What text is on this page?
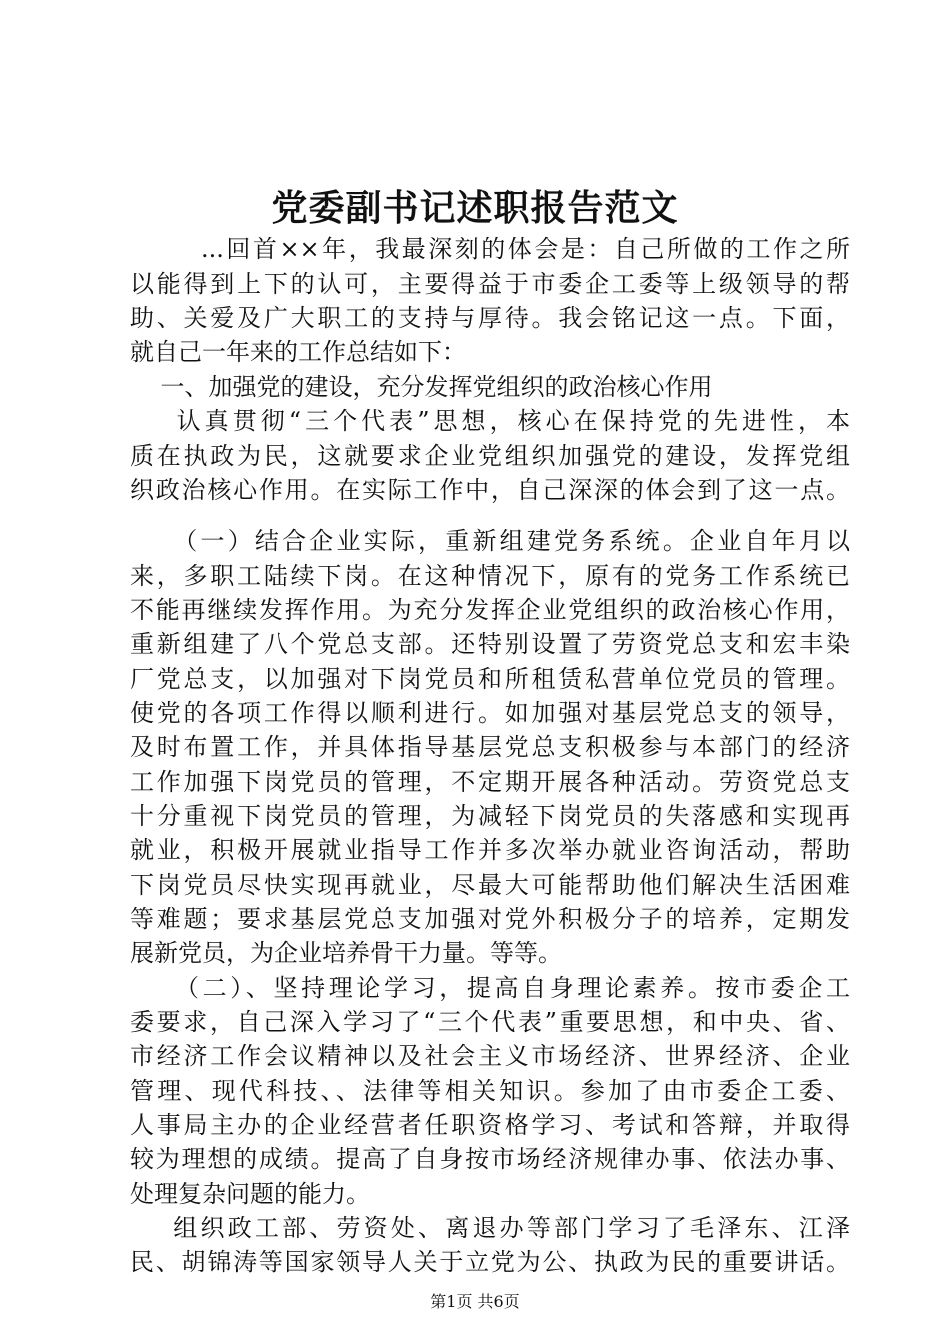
党委副书记述职报告范文
...回首××年，我最深刻的体会是：自己所做的工作之所
以能得到上下的认可，主要得益于市委企工委等上级领导的帮
助、关爱及广大职工的支持与厚待。我会铭记这一点。下面，
就自己一年来的工作总结如下：
一、加强党的建设，充分发挥党组织的政治核心作用
认真贯彻“三个代表”思想，核心在保持党的先进性，本
质在执政为民，这就要求企业党组织加强党的建设，发挥党组
织政治核心作用。在实际工作中，自己深深的体会到了这一点。
（一）结合企业实际，重新组建党务系统。企业自年月以
来，多职工陆续下岗。在这种情况下，原有的党务工作系统已
不能再继续发挥作用。为充分发挥企业党组织的政治核心作用，
重新组建了八个党总支部。还特别设置了劳资党总支和宏丰染
厂党总支，以加强对下岗党员和所租赁私营单位党员的管理。
使党的各项工作得以顺利进行。如加强对基层党总支的领导，
及时布置工作，并具体指导基层党总支积极参与本部门的经济
工作加强下岗党员的管理，不定期开展各种活动。劳资党总支
十分重视下岗党员的管理，为减轻下岗党员的失落感和实现再
就业，积极开展就业指导工作并多次举办就业咨询活动，帮助
下岗党员尽快实现再就业，尽最大可能帮助他们解决生活困难
等难题；要求基层党总支加强对党外积极分子的培养，定期发
展新党员，为企业培养骨干力量。等等。
（二）、坚持理论学习，提高自身理论素养。按市委企工
委要求，自己深入学习了“三个代表”重要思想，和中央、省、
市经济工作会议精神以及社会主义市场经济、世界经济、企业
管理、现代科技、、法律等相关知识。参加了由市委企工委、
人事局主办的企业经营者任职资格学习、考试和答辩，并取得
较为理想的成绩。提高了自身按市场经济规律办事、依法办事、
处理复杂问题的能力。
组织政工部、劳资处、离退办等部门学习了毛泽东、江泽
民、胡锦涛等国家领导人关于立党为公、执政为民的重要讲话。
第1页 共6页
